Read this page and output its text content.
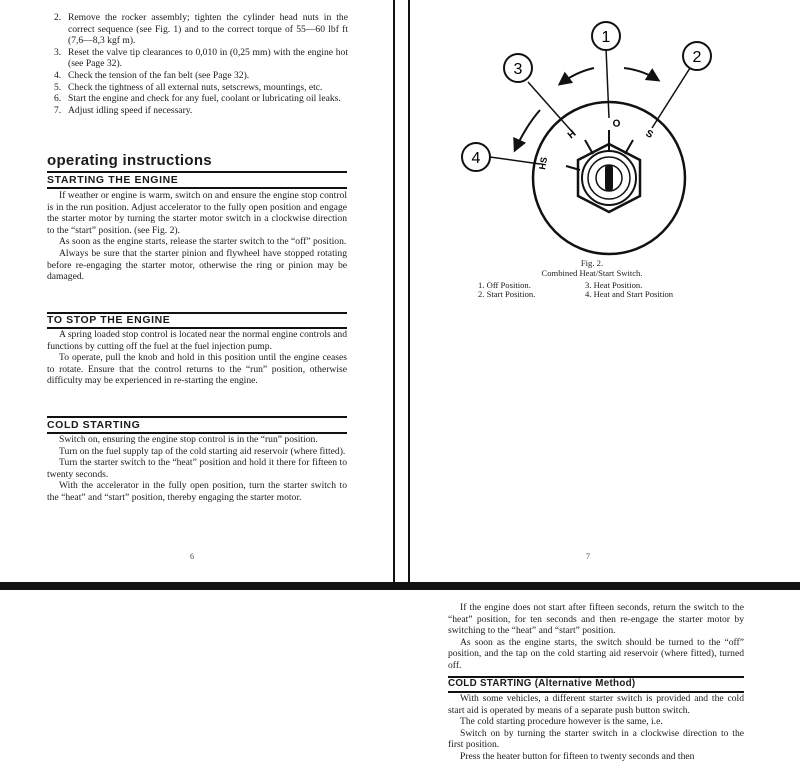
2. Remove the rocker assembly; tighten the cylinder head nuts in the correct sequence (see Fig. 1) and to the correct torque of 55—60 lbf ft (7,6—8,3 kgf m).
3. Reset the valve tip clearances to 0,010 in (0,25 mm) with the engine hot (see Page 32).
4. Check the tension of the fan belt (see Page 32).
5. Check the tightness of all external nuts, setscrews, mountings, etc.
6. Start the engine and check for any fuel, coolant or lubricating oil leaks.
7. Adjust idling speed if necessary.
operating instructions
STARTING THE ENGINE

If weather or engine is warm, switch on and ensure the engine stop control is in the run position. Adjust accelerator to the fully open position and engage the starter motor by turning the starter motor switch in a clockwise direction to the “start” position. (see Fig. 2).

As soon as the engine starts, release the starter switch to the “off” position.

Always be sure that the starter pinion and flywheel have stopped rotating before re-engaging the starter motor, otherwise the ring or pinion may be damaged.

TO STOP THE ENGINE

A spring loaded stop control is located near the normal engine controls and functions by cutting off the fuel at the fuel injection pump.

To operate, pull the knob and hold in this position until the engine ceases to rotate. Ensure that the control returns to the “run” position, otherwise difficulty may be experienced in re-starting the engine.

COLD STARTING

Switch on, ensuring the engine stop control is in the “run” position.

Turn on the fuel supply tap of the cold starting aid reservoir (where fitted).

Turn the starter switch to the “heat” position and hold it there for fifteen to twenty seconds.

With the accelerator in the fully open position, turn the starter switch to the “heat” and “start” position, thereby engaging the starter motor.

6
O
S
H
HS
1
2
3
4
Fig. 2.
Combined Heat/Start Switch.
1. Off Position.	3. Heat Position.
2. Start Position.	4. Heat and Start Position
7

If the engine does not start after fifteen seconds, return the switch to the “heat” position, for ten seconds and then re-engage the starter motor by switching to the “heat” and “start” position.

As soon as the engine starts, the switch should be turned to the “off” position, and the tap on the cold starting aid reservoir (where fitted), turned off.

COLD STARTING (Alternative Method)

With some vehicles, a different starter switch is provided and the cold start aid is operated by means of a separate push button switch.

The cold starting procedure however is the same, i.e.

Switch on by turning the starter switch in a clockwise direction to the first position.

Press the heater button for fifteen to twenty seconds and then
